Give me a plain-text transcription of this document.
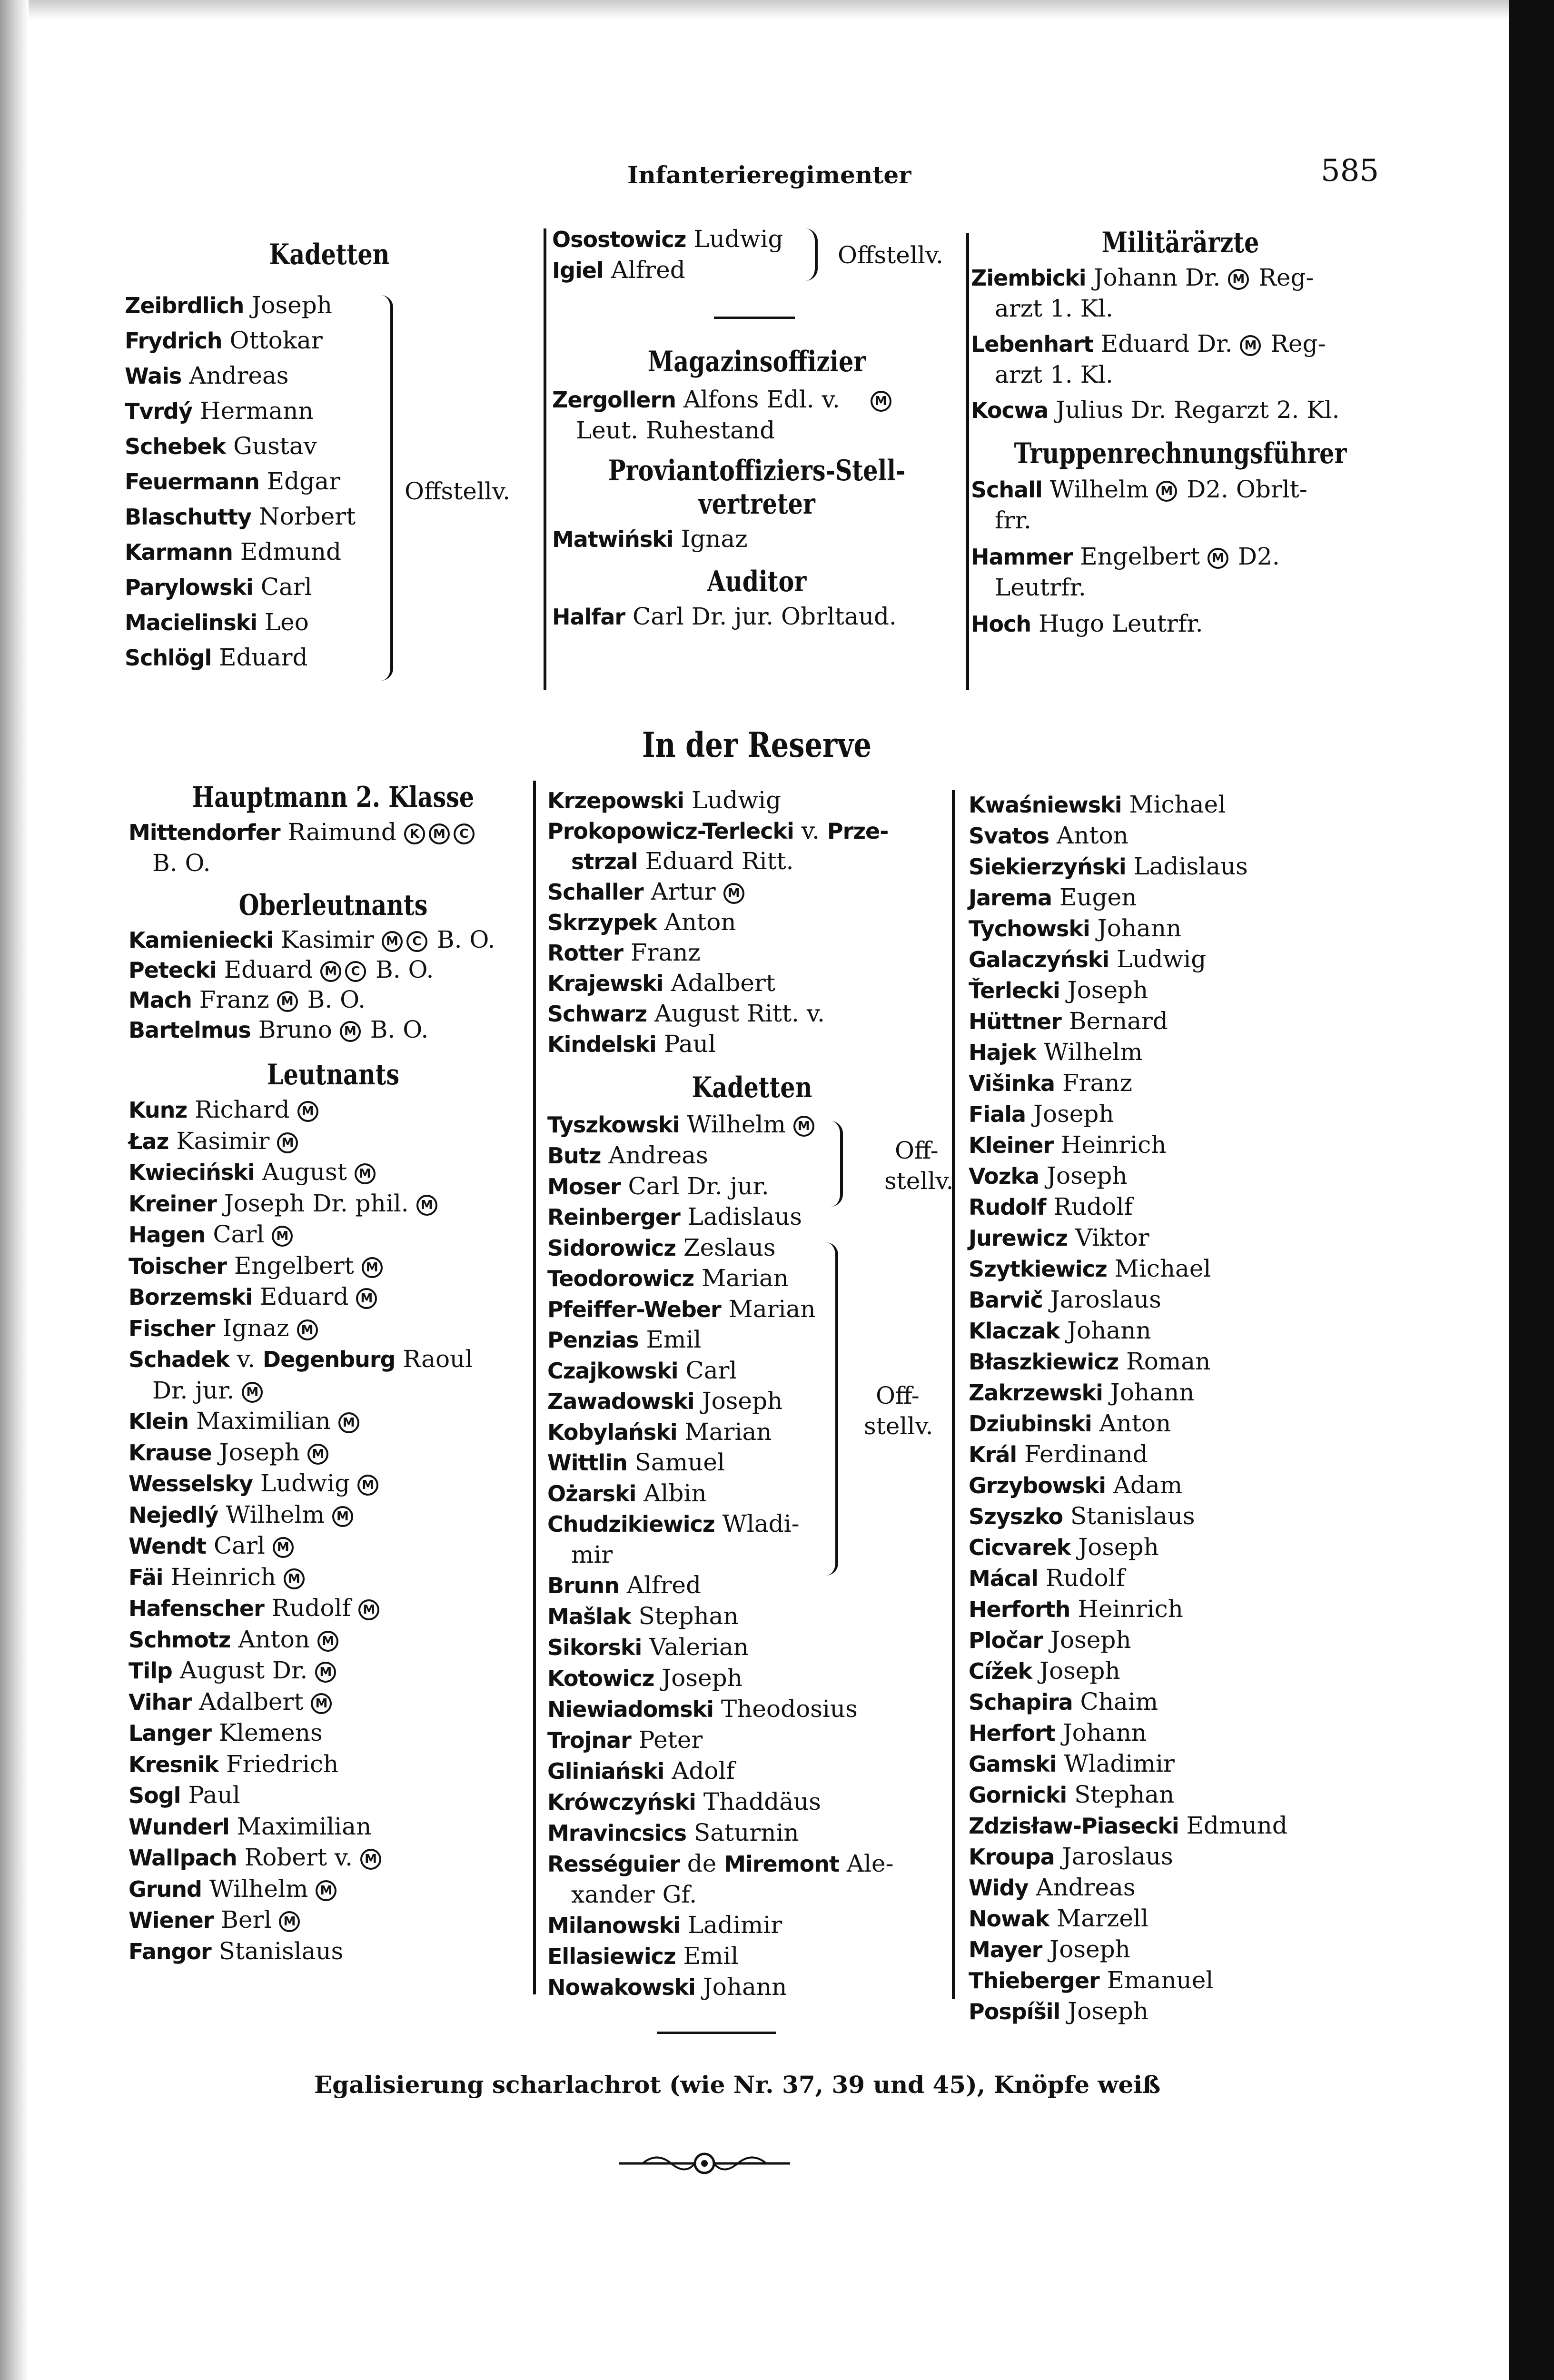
Infanterieregimenter	585
Kadetten
Zeibrdlich Joseph
Frydrich Ottokar
Wais Andreas
Tvrdý Hermann
Schebek Gustav
Feuermann Edgar
Blaschutty Norbert
Karmann Edmund
Parylowski Carl
Macielinski Leo
Schlögl Eduard
Offstellv.
Osostowicz Ludwig
Igiel Alfred
Offstellv.
Magazinsoffizier
Zergollern Alfons Edl. v.	M
Leut. Ruhestand
Proviantoffiziers-Stell-
vertreter
Matwiński Ignaz
Auditor
Halfar Carl Dr. jur. Obrltaud.
Militärärzte
Ziembicki Johann Dr. M Reg-
arzt 1. Kl.
Lebenhart Eduard Dr. M Reg-
arzt 1. Kl.
Kocwa Julius Dr. Regarzt 2. Kl.
Truppenrechnungsführer
Schall Wilhelm M D2. Obrlt-
frr.
Hammer Engelbert M D2.
Leutrfr.
Hoch Hugo Leutrfr.
In der Reserve
Hauptmann 2. Klasse
Mittendorfer Raimund K M C
B. O.
Oberleutnants
Kamieniecki Kasimir M C B. O.
Petecki Eduard M C B. O.
Mach Franz M B. O.
Bartelmus Bruno M B. O.
Leutnants
Kunz Richard M
Łaz Kasimir M
Kwieciński August M
Kreiner Joseph Dr. phil. M
Hagen Carl M
Toischer Engelbert M
Borzemski Eduard M
Fischer Ignaz M
Schadek v. Degenburg Raoul
Dr. jur. M
Klein Maximilian M
Krause Joseph M
Wesselsky Ludwig M
Nejedlý Wilhelm M
Wendt Carl M
Fäi Heinrich M
Hafenscher Rudolf M
Schmotz Anton M
Tilp August Dr. M
Vihar Adalbert M
Langer Klemens
Kresnik Friedrich
Sogl Paul
Wunderl Maximilian
Wallpach Robert v. M
Grund Wilhelm M
Wiener Berl M
Fangor Stanislaus
Krzepowski Ludwig
Prokopowicz-Terlecki v. Prze-
strzal Eduard Ritt.
Schaller Artur M
Skrzypek Anton
Rotter Franz
Krajewski Adalbert
Schwarz August Ritt. v.
Kindelski Paul
Kadetten
Tyszkowski Wilhelm M
Butz Andreas
Moser Carl Dr. jur.
Reinberger Ladislaus
Sidorowicz Zeslaus
Teodorowicz Marian
Pfeiffer-Weber Marian
Penzias Emil
Czajkowski Carl
Zawadowski Joseph
Kobylański Marian
Wittlin Samuel
Ożarski Albin
Chudzikiewicz Wladi-
mir
Brunn Alfred
Mašlak Stephan
Sikorski Valerian
Kotowicz Joseph
Niewiadomski Theodosius
Trojnar Peter
Gliniański Adolf
Krówczyński Thaddäus
Mravincsics Saturnin
Rességuier de Miremont Ale-
xander Gf.
Milanowski Ladimir
Ellasiewicz Emil
Nowakowski Johann
Off-
stellv.
Off-
stellv.
Kwaśniewski Michael
Svatos Anton
Siekierzyński Ladislaus
Jarema Eugen
Tychowski Johann
Galaczyński Ludwig
Ťerlecki Joseph
Hüttner Bernard
Hajek Wilhelm
Višinka Franz
Fiala Joseph
Kleiner Heinrich
Vozka Joseph
Rudolf Rudolf
Jurewicz Viktor
Szytkiewicz Michael
Barvič Jaroslaus
Klaczak Johann
Błaszkiewicz Roman
Zakrzewski Johann
Dziubinski Anton
Král Ferdinand
Grzybowski Adam
Szyszko Stanislaus
Cicvarek Joseph
Mácal Rudolf
Herforth Heinrich
Pločar Joseph
Cížek Joseph
Schapira Chaim
Herfort Johann
Gamski Wladimir
Gornicki Stephan
Zdzisław-Piasecki Edmund
Kroupa Jaroslaus
Widy Andreas
Nowak Marzell
Mayer Joseph
Thieberger Emanuel
Pospíšil Joseph
Egalisierung scharlachrot (wie Nr. 37, 39 und 45), Knöpfe weiß
